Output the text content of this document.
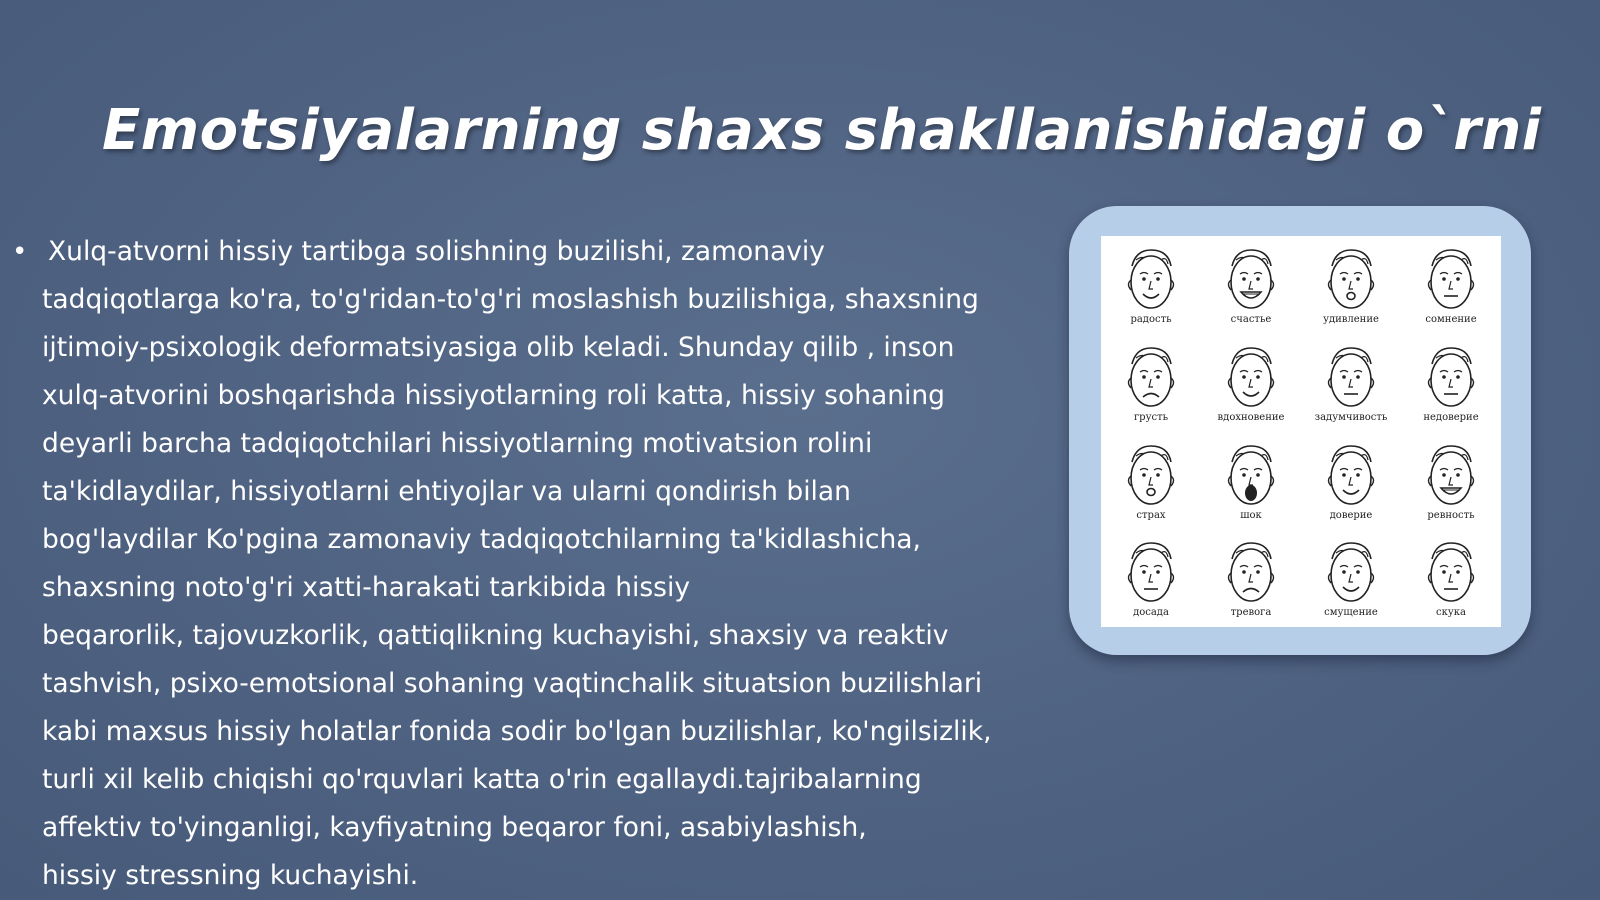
Emotsiyalarning shaxs shakllanishidagi o`rni
• Xulq-atvorni hissiy tartibga solishning buzilishi, zamonaviy
tadqiqotlarga ko'ra, to'g'ridan-to'g'ri moslashish buzilishiga, shaxsning
ijtimoiy-psixologik deformatsiyasiga olib keladi. Shunday qilib , inson
xulq-atvorini boshqarishda hissiyotlarning roli katta, hissiy sohaning
deyarli barcha tadqiqotchilari hissiyotlarning motivatsion rolini
ta'kidlaydilar, hissiyotlarni ehtiyojlar va ularni qondirish bilan
bog'laydilar Ko'pgina zamonaviy tadqiqotchilarning ta'kidlashicha,
shaxsning noto'g'ri xatti-harakati tarkibida hissiy
beqarorlik, tajovuzkorlik, qattiqlikning kuchayishi, shaxsiy va reaktiv
tashvish, psixo-emotsional sohaning vaqtinchalik situatsion buzilishlari
kabi maxsus hissiy holatlar fonida sodir bo'lgan buzilishlar, ko'ngilsizlik,
turli xil kelib chiqishi qo'rquvlari katta o'rin egallaydi.tajribalarning
affektiv to'yinganligi, kayfiyatning beqaror foni, asabiylashish,
hissiy stressning kuchayishi.
радость	счастье	удивление	сомнение
грусть	вдохновение	задумчивость	недоверие
страх	шок	доверие	ревность
досада	тревога	смущение	скука
